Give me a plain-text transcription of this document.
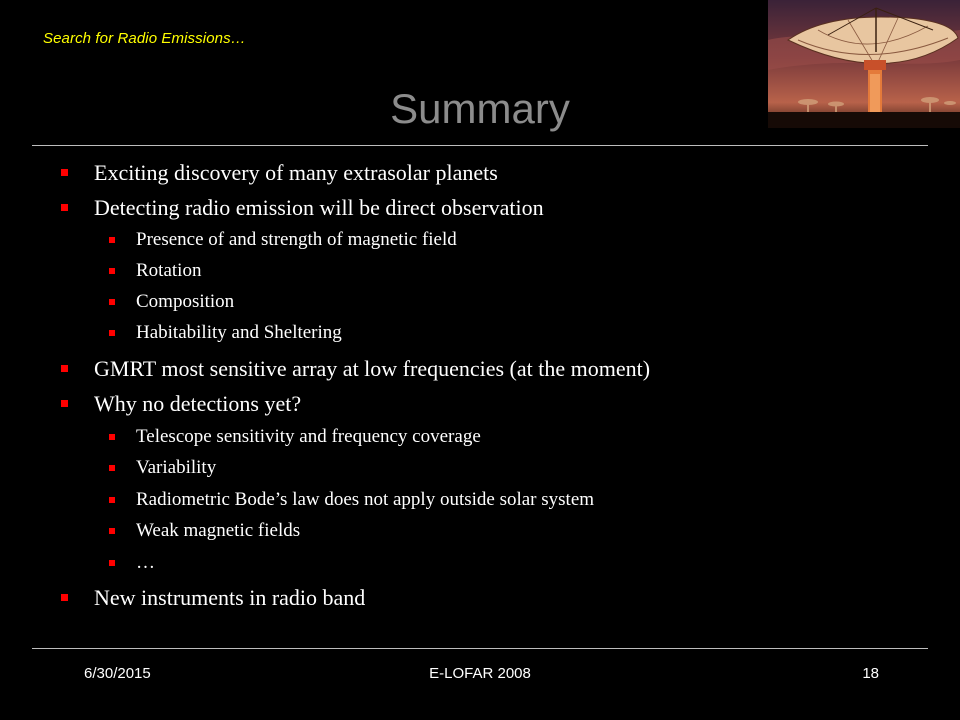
Search for Radio Emissions…
Summary
Exciting discovery of many extrasolar planets
Detecting radio emission will be direct observation
Presence of and strength of magnetic field
Rotation
Composition
Habitability and Sheltering
GMRT most sensitive array at low frequencies (at the moment)
Why no detections yet?
Telescope sensitivity and frequency coverage
Variability
Radiometric Bode’s law does not apply outside solar system
Weak magnetic fields
…
New instruments in radio band
6/30/2015	E-LOFAR 2008	18
